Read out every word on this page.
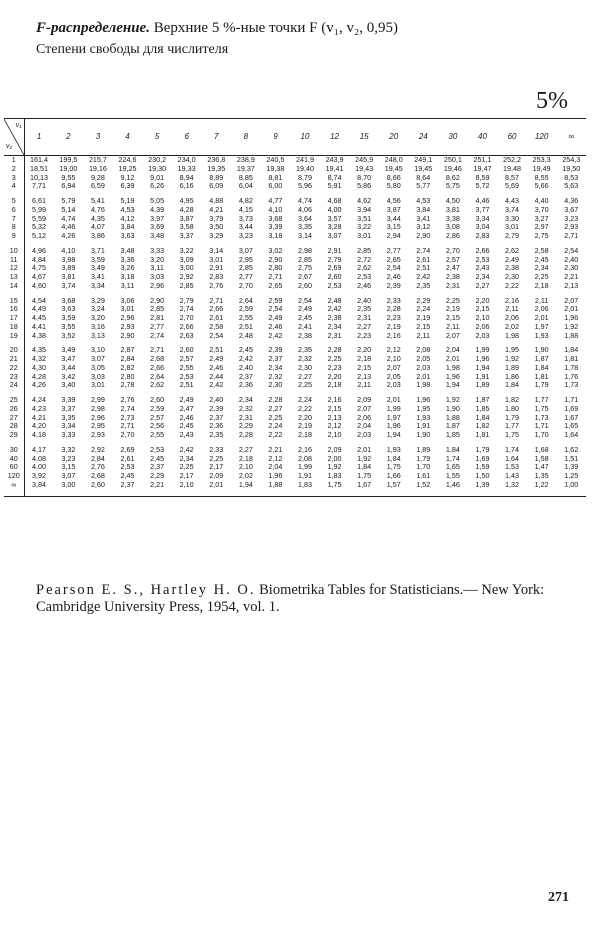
F-распределение. Верхние 5 %-ные точки F (v₁, v₂, 0,95)
Степени свободы для числителя
5%
v₁
v₂	1	2	3	4	5	6	7	8	9	10	12	15	20	24	30	40	60	120	∞
1	161,4	199,5	215,7	224,6	230,2	234,0	236,8	238,9	240,5	241,9	243,9	245,9	248,0	249,1	250,1	251,1	252,2	253,3	254,3
2	18,51	19,00	19,16	19,25	19,30	19,33	19,35	19,37	19,38	19,40	19,41	19,43	19,45	19,45	19,46	19,47	19,48	19,49	19,50
3	10,13	9,55	9,28	9,12	9,01	8,94	8,89	8,85	8,81	8,79	8,74	8,70	8,66	8,64	8,62	8,59	8,57	8,55	8,53
4	7,71	6,94	6,59	6,39	6,26	6,16	6,09	6,04	6,00	5,96	5,91	5,86	5,80	5,77	5,75	5,72	5,69	5,66	5,63
5	6,61	5,79	5,41	5,19	5,05	4,95	4,88	4,82	4,77	4,74	4,68	4,62	4,56	4,53	4,50	4,46	4,43	4,40	4,36
6	5,99	5,14	4,76	4,53	4,39	4,28	4,21	4,15	4,10	4,06	4,00	3,94	3,87	3,84	3,81	3,77	3,74	3,70	3,67
7	5,59	4,74	4,35	4,12	3,97	3,87	3,79	3,73	3,68	3,64	3,57	3,51	3,44	3,41	3,38	3,34	3,30	3,27	3,23
8	5,32	4,46	4,07	3,84	3,69	3,58	3,50	3,44	3,39	3,35	3,28	3,22	3,15	3,12	3,08	3,04	3,01	2,97	2,93
9	5,12	4,26	3,86	3,63	3,48	3,37	3,29	3,23	3,18	3,14	3,07	3,01	2,94	2,90	2,86	2,83	2,79	2,75	2,71
10	4,96	4,10	3,71	3,48	3,33	3,22	3,14	3,07	3,02	2,98	2,91	2,85	2,77	2,74	2,70	2,66	2,62	2,58	2,54
11	4,84	3,98	3,59	3,36	3,20	3,09	3,01	2,95	2,90	2,85	2,79	2,72	2,65	2,61	2,57	2,53	2,49	2,45	2,40
12	4,75	3,89	3,49	3,26	3,11	3,00	2,91	2,85	2,80	2,75	2,69	2,62	2,54	2,51	2,47	2,43	2,38	2,34	2,30
13	4,67	3,81	3,41	3,18	3,03	2,92	2,83	2,77	2,71	2,67	2,60	2,53	2,46	2,42	2,38	2,34	2,30	2,25	2,21
14	4,60	3,74	3,34	3,11	2,96	2,85	2,76	2,70	2,65	2,60	2,53	2,46	2,39	2,35	2,31	2,27	2,22	2,18	2,13
15	4,54	3,68	3,29	3,06	2,90	2,79	2,71	2,64	2,59	2,54	2,48	2,40	2,33	2,29	2,25	2,20	2,16	2,11	2,07
16	4,49	3,63	3,24	3,01	2,85	2,74	2,66	2,59	2,54	2,49	2,42	2,35	2,28	2,24	2,19	2,15	2,11	2,06	2,01
17	4,45	3,59	3,20	2,96	2,81	2,70	2,61	2,55	2,49	2,45	2,38	2,31	2,23	2,19	2,15	2,10	2,06	2,01	1,96
18	4,41	3,55	3,16	2,93	2,77	2,66	2,58	2,51	2,46	2,41	2,34	2,27	2,19	2,15	2,11	2,06	2,02	1,97	1,92
19	4,38	3,52	3,13	2,90	2,74	2,63	2,54	2,48	2,42	2,38	2,31	2,23	2,16	2,11	2,07	2,03	1,98	1,93	1,88
20	4,35	3,49	3,10	2,87	2,71	2,60	2,51	2,45	2,39	2,35	2,28	2,20	2,12	2,08	2,04	1,99	1,95	1,90	1,84
21	4,32	3,47	3,07	2,84	2,68	2,57	2,49	2,42	2,37	2,32	2,25	2,18	2,10	2,05	2,01	1,96	1,92	1,87	1,81
22	4,30	3,44	3,05	2,82	2,66	2,55	2,46	2,40	2,34	2,30	2,23	2,15	2,07	2,03	1,98	1,94	1,89	1,84	1,78
23	4,28	3,42	3,03	2,80	2,64	2,53	2,44	2,37	2,32	2,27	2,20	2,13	2,05	2,01	1,96	1,91	1,86	1,81	1,76
24	4,26	3,40	3,01	2,78	2,62	2,51	2,42	2,36	2,30	2,25	2,18	2,11	2,03	1,98	1,94	1,89	1,84	1,79	1,73
25	4,24	3,39	2,99	2,76	2,60	2,49	2,40	2,34	2,28	2,24	2,16	2,09	2,01	1,96	1,92	1,87	1,82	1,77	1,71
26	4,23	3,37	2,98	2,74	2,59	2,47	2,39	2,32	2,27	2,22	2,15	2,07	1,99	1,95	1,90	1,85	1,80	1,75	1,69
27	4,21	3,35	2,96	2,73	2,57	2,46	2,37	2,31	2,25	2,20	2,13	2,06	1,97	1,93	1,88	1,84	1,79	1,73	1,67
28	4,20	3,34	2,95	2,71	2,56	2,45	2,36	2,29	2,24	2,19	2,12	2,04	1,96	1,91	1,87	1,82	1,77	1,71	1,65
29	4,18	3,33	2,93	2,70	2,55	2,43	2,35	2,28	2,22	2,18	2,10	2,03	1,94	1,90	1,85	1,81	1,75	1,70	1,64
30	4,17	3,32	2,92	2,69	2,53	2,42	2,33	2,27	2,21	2,16	2,09	2,01	1,93	1,89	1,84	1,79	1,74	1,68	1,62
40	4,08	3,23	2,84	2,61	2,45	2,34	2,25	2,18	2,12	2,08	2,00	1,92	1,84	1,79	1,74	1,69	1,64	1,58	1,51
60	4,00	3,15	2,76	2,53	2,37	2,25	2,17	2,10	2,04	1,99	1,92	1,84	1,75	1,70	1,65	1,59	1,53	1,47	1,39
120	3,92	3,07	2,68	2,45	2,29	2,17	2,09	2,02	1,96	1,91	1,83	1,75	1,66	1,61	1,55	1,50	1,43	1,35	1,25
∞	3,84	3,00	2,60	2,37	2,21	2,10	2,01	1,94	1,88	1,83	1,75	1,67	1,57	1,52	1,46	1,39	1,32	1,22	1,00
Pearson E. S., Hartley H. O. Biometrika Tables for Statisticians.— New York: Cambridge University Press, 1954, vol. 1.
271
